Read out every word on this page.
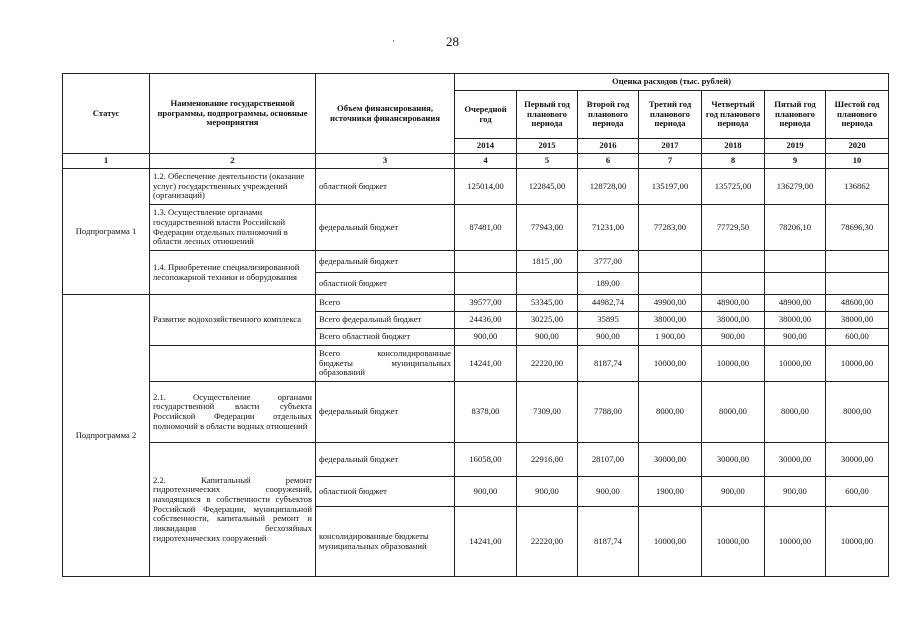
28
·
Статус	Наименование государственной программы, подпрограммы, основные мероприятия	Объем финансирования, источники финансирования	Оценка расходов (тыс. рублей)						
			Очередной год	Первый год планового периода	Второй год планового периода	Третий год планового периода	Четвертый год планового периода	Пятый год планового периода	Шестой год планового периода
			2014	2015	2016	2017	2018	2019	2020
1	2	3	4	5	6	7	8	9	10
Подпрограмма 1	1.2. Обеспечение деятельности (оказание услуг) государственных учреждений (организаций)	областной бюджет	125014,00	122845,00	128728,00	135197,00	135725,00	136279,00	136862
	1.3. Осуществление органами государственной власти Российской Федерации отдельных полномочий в области лесных отношений	федеральный бюджет	87481,00	77943,00	71231,00	77283,00	77729,50	78206,10	78696,30
	1.4. Приобретение специализированной лесопожарной техники и оборудования	федеральный бюджет		1815 ,00	3777,00				
		областной бюджет			189,00				
Подпрограмма 2	Развитие водохозяйственного комплекса	Всего	39577,00	53345,00	44982,74	49900,00	48900,00	48900,00	48600,00
		Всего федеральный бюджет	24436,00	30225,00	35895	38000,00	38000,00	38000,00	38000,00
		Всего областной бюджет	900,00	900,00	900,00	1 900,00	900,00	900,00	600,00
		Всего консолидированные бюджеты муниципальных образований	14241,00	22220,00	8187,74	10000,00	10000,00	10000,00	10000,00
	2.1. Осуществление органами государственной власти субъекта Российской Федерации отдельных полномочий в области водных отношений	федеральный бюджет	8378,00	7309,00	7788,00	8000,00	8000,00	8000,00	8000,00
	2.2. Капитальный ремонт гидротехнических сооружений, находящихся в собственности субъектов Российской Федерации, муниципальной собственности, капитальный ремонт и ликвидация бесхозяйных гидротехнических сооружений	федеральный бюджет	16058,00	22916,00	28107,00	30000,00	30000,00	30000,00	30000,00
		областной бюджет	900,00	900,00	900,00	1900,00	900,00	900,00	600,00
		консолидированные бюджеты муниципальных образований	14241,00	22220,00	8187,74	10000,00	10000,00	10000,00	10000,00
